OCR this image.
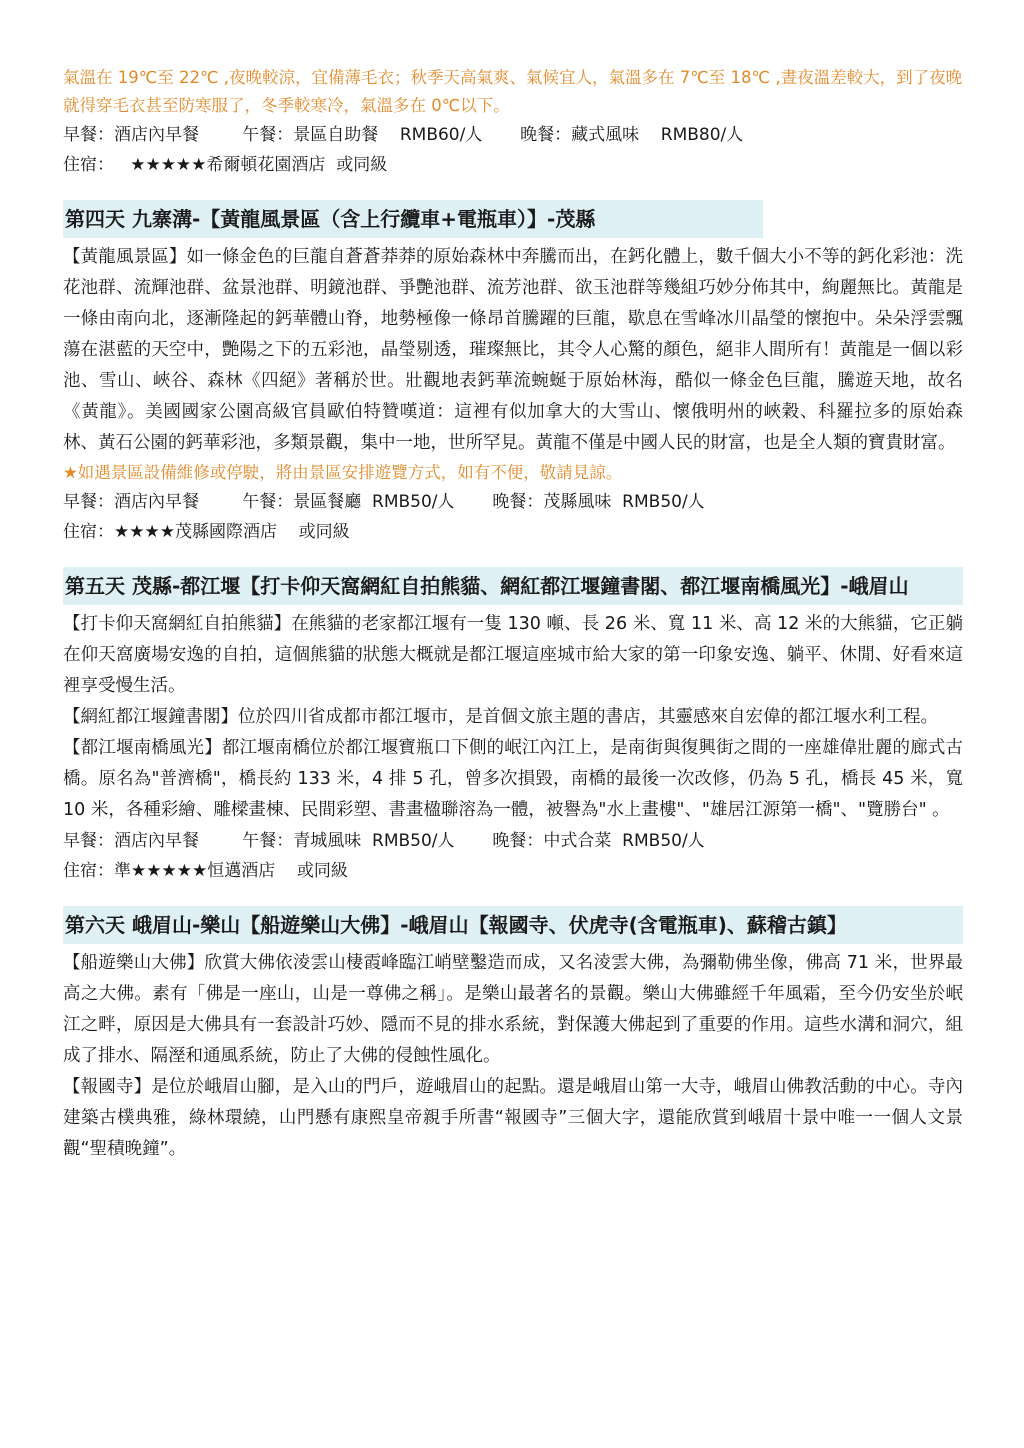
氣溫在 19℃至 22℃ ,夜晚較涼，宜備薄毛衣；秋季天高氣爽、氣候宜人，氣溫多在 7℃至 18℃ ,晝夜溫差較大，到了夜晚就得穿毛衣甚至防寒服了，冬季較寒冷，氣溫多在 0℃以下。

早餐：酒店內早餐        午餐：景區自助餐    RMB60/人       晚餐：藏式風味    RMB80/人

住宿：   ★★★★★希爾頓花園酒店  或同級

第四天 九寨溝-【黃龍風景區（含上行纜車+電瓶車）】-茂縣

【黃龍風景區】如一條金色的巨龍自蒼蒼莽莽的原始森林中奔騰而出，在鈣化體上，數千個大小不等的鈣化彩池：洗花池群、流輝池群、盆景池群、明鏡池群、爭艷池群、流芳池群、欲玉池群等幾組巧妙分佈其中，絢麗無比。黃龍是一條由南向北，逐漸隆起的鈣華體山脊，地勢極像一條昂首騰躍的巨龍，歇息在雪峰冰川晶瑩的懷抱中。朵朵浮雲飄蕩在湛藍的天空中，艷陽之下的五彩池，晶瑩剔透，璀璨無比，其令人心驚的顏色，絕非人間所有！黃龍是一個以彩池、雪山、峽谷、森林《四絕》著稱於世。壯觀地表鈣華流蜿蜒于原始林海，酷似一條金色巨龍，騰遊天地，故名《黃龍》。美國國家公園高級官員歐伯特贊嘆道：這裡有似加拿大的大雪山、懷俄明州的峽穀、科羅拉多的原始森林、黃石公園的鈣華彩池，多類景觀，集中一地，世所罕見。黃龍不僅是中國人民的財富，也是全人類的寶貴財富。

★如遇景區設備維修或停駛，將由景區安排遊覽方式，如有不便，敬請見諒。

早餐：酒店內早餐        午餐：景區餐廳  RMB50/人       晚餐：茂縣風味  RMB50/人

住宿：★★★★茂縣國際酒店    或同級

第五天 茂縣-都江堰【打卡仰天窩網紅自拍熊貓、網紅都江堰鐘書閣、都江堰南橋風光】-峨眉山

【打卡仰天窩網紅自拍熊貓】在熊貓的老家都江堰有一隻 130 噸、長 26 米、寬 11 米、高 12 米的大熊貓，它正躺在仰天窩廣場安逸的自拍，這個熊貓的狀態大概就是都江堰這座城市給大家的第一印象安逸、躺平、休閒、好看來這裡享受慢生活。

【網紅都江堰鐘書閣】位於四川省成都市都江堰市，是首個文旅主題的書店，其靈感來自宏偉的都江堰水利工程。

【都江堰南橋風光】都江堰南橋位於都江堰寶瓶口下側的岷江內江上，是南街與復興街之間的一座雄偉壯麗的廊式古橋。原名為"普濟橋"，橋長約 133 米，4 排 5 孔，曾多次損毀，南橋的最後一次改修，仍為 5 孔，橋長 45 米，寬 10 米，各種彩繪、雕樑畫棟、民間彩塑、書畫楹聯溶為一體，被譽為"水上畫樓"、"雄居江源第一橋"、"覽勝台" 。

早餐：酒店內早餐        午餐：青城風味  RMB50/人       晚餐：中式合菜  RMB50/人

住宿：準★★★★★恒邁酒店    或同級

第六天 峨眉山-樂山【船遊樂山大佛】-峨眉山【報國寺、伏虎寺(含電瓶車)、蘇稽古鎮】

【船遊樂山大佛】欣賞大佛依淩雲山棲霞峰臨江峭壁鑿造而成，又名淩雲大佛，為彌勒佛坐像，佛高 71 米，世界最高之大佛。素有「佛是一座山，山是一尊佛之稱」。是樂山最著名的景觀。樂山大佛雖經千年風霜，至今仍安坐於岷江之畔，原因是大佛具有一套設計巧妙、隱而不見的排水系統，對保護大佛起到了重要的作用。這些水溝和洞穴，組成了排水、隔溼和通風系統，防止了大佛的侵蝕性風化。

【報國寺】是位於峨眉山腳，是入山的門戶，遊峨眉山的起點。還是峨眉山第一大寺，峨眉山佛教活動的中心。寺內建築古樸典雅，綠林環繞，山門懸有康熙皇帝親手所書“報國寺”三個大字，還能欣賞到峨眉十景中唯一一個人文景觀“聖積晚鐘”。
